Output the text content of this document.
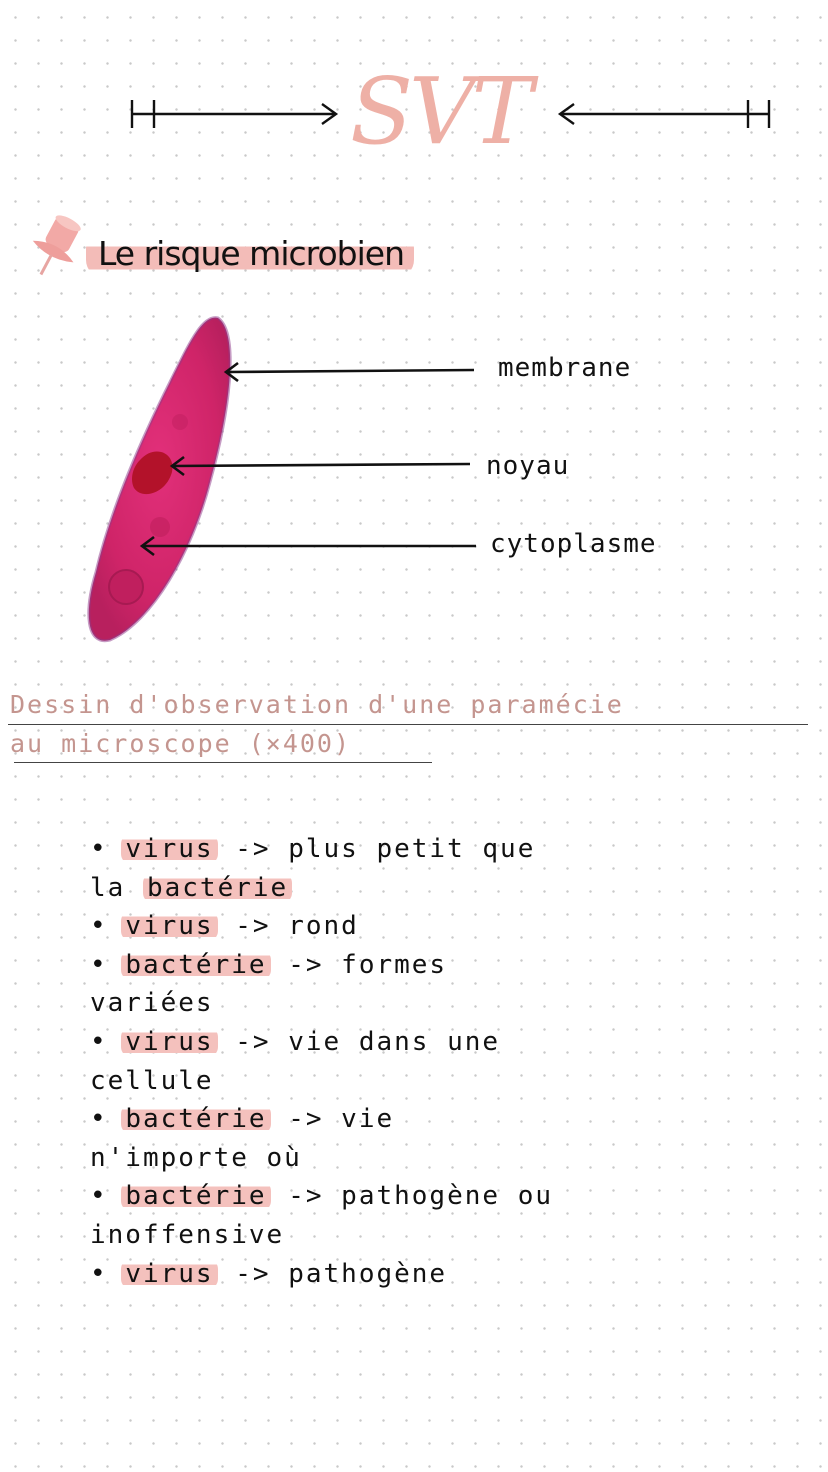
SVT
Le risque microbien
membrane
noyau
cytoplasme
Dessin d'observation d'une paramécie
au microscope (×400)
• virus -> plus petit que
la bactérie
• virus -> rond
• bactérie -> formes
variées
• virus -> vie dans une
cellule
• bactérie -> vie
n'importe où
• bactérie -> pathogène ou
inoffensive
• virus -> pathogène
